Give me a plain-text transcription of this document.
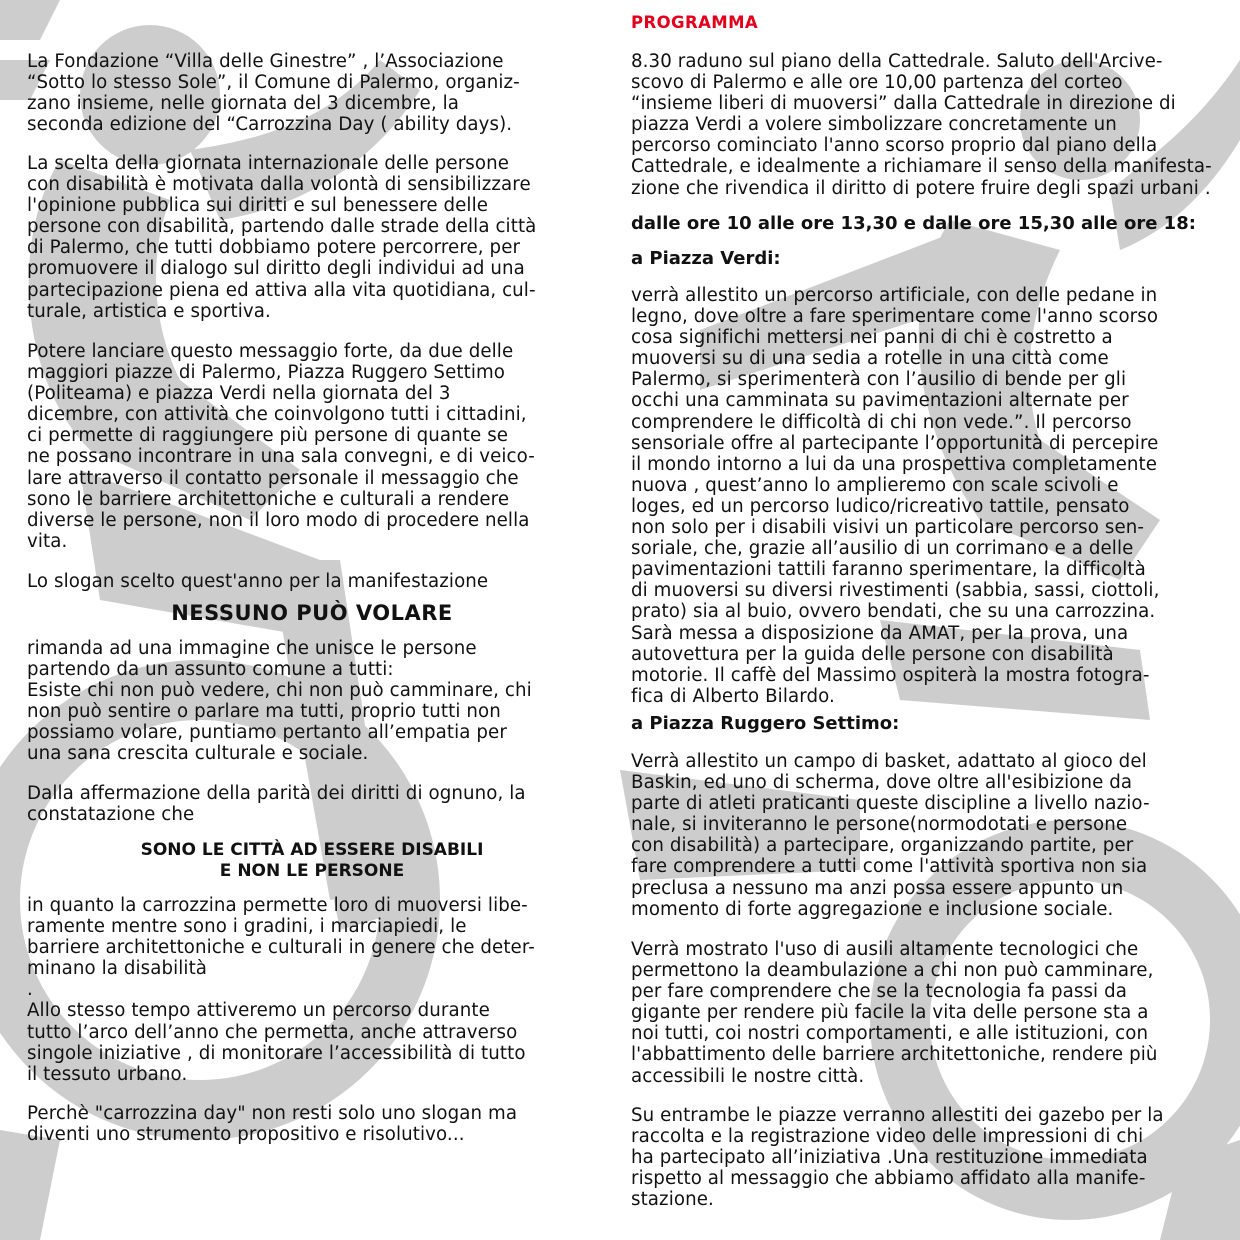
La Fondazione “Villa delle Ginestre” , l’Associazione
“Sotto lo stesso Sole”, il Comune di Palermo, organiz-
zano insieme, nelle giornata del 3 dicembre, la
seconda edizione del “Carrozzina Day ( ability days).
La scelta della giornata internazionale delle persone
con disabilità è motivata dalla volontà di sensibilizzare
l'opinione pubblica sui diritti e sul benessere delle
persone con disabilità, partendo dalle strade della città
di Palermo, che tutti dobbiamo potere percorrere, per
promuovere il dialogo sul diritto degli individui ad una
partecipazione piena ed attiva alla vita quotidiana, cul-
turale, artistica e sportiva.
Potere lanciare questo messaggio forte, da due delle
maggiori piazze di Palermo, Piazza Ruggero Settimo
(Politeama) e piazza Verdi nella giornata del 3
dicembre, con attività che coinvolgono tutti i cittadini,
ci permette di raggiungere più persone di quante se
ne possano incontrare in una sala convegni, e di veico-
lare attraverso il contatto personale il messaggio che
sono le barriere architettoniche e culturali a rendere
diverse le persone, non il loro modo di procedere nella
vita.
Lo slogan scelto quest'anno per la manifestazione
NESSUNO PUÒ VOLARE
rimanda ad una immagine che unisce le persone
partendo da un assunto comune a tutti:
Esiste chi non può vedere, chi non può camminare, chi
non può sentire o parlare ma tutti, proprio tutti non
possiamo volare, puntiamo pertanto all’empatia per
una sana crescita culturale e sociale.
Dalla affermazione della parità dei diritti di ognuno, la
constatazione che
SONO LE CITTÀ AD ESSERE DISABILI
E NON LE PERSONE
in quanto la carrozzina permette loro di muoversi libe-
ramente mentre sono i gradini, i marciapiedi, le
barriere architettoniche e culturali in genere che deter-
minano la disabilità
.
Allo stesso tempo attiveremo un percorso durante
tutto l’arco dell’anno che permetta, anche attraverso
singole iniziative , di monitorare l’accessibilità di tutto
il tessuto urbano.
Perchè "carrozzina day" non resti solo uno slogan ma
diventi uno strumento propositivo e risolutivo...
PROGRAMMA
8.30 raduno sul piano della Cattedrale. Saluto dell'Arcive-
scovo di Palermo e alle ore 10,00 partenza del corteo
“insieme liberi di muoversi” dalla Cattedrale in direzione di
piazza Verdi a volere simbolizzare concretamente un
percorso cominciato l'anno scorso proprio dal piano della
Cattedrale, e idealmente a richiamare il senso della manifesta-
zione che rivendica il diritto di potere fruire degli spazi urbani .
dalle ore 10 alle ore 13,30 e dalle ore 15,30 alle ore 18:
a Piazza Verdi:
verrà allestito un percorso artificiale, con delle pedane in
legno, dove oltre a fare sperimentare come l'anno scorso
cosa significhi mettersi nei panni di chi è costretto a
muoversi su di una sedia a rotelle in una città come
Palermo, si sperimenterà con l’ausilio di bende per gli
occhi una camminata su pavimentazioni alternate per
comprendere le difficoltà di chi non vede.”. Il percorso
sensoriale offre al partecipante l’opportunità di percepire
il mondo intorno a lui da una prospettiva completamente
nuova , quest’anno lo amplieremo con scale scivoli e
loges, ed un percorso ludico/ricreativo tattile, pensato
non solo per i disabili visivi un particolare percorso sen-
soriale, che, grazie all’ausilio di un corrimano e a delle
pavimentazioni tattili faranno sperimentare, la difficoltà
di muoversi su diversi rivestimenti (sabbia, sassi, ciottoli,
prato) sia al buio, ovvero bendati, che su una carrozzina.
Sarà messa a disposizione da AMAT, per la prova, una
autovettura per la guida delle persone con disabilità
motorie. Il caffè del Massimo ospiterà la mostra fotogra-
fica di Alberto Bilardo.
a Piazza Ruggero Settimo:
Verrà allestito un campo di basket, adattato al gioco del
Baskin, ed uno di scherma, dove oltre all'esibizione da
parte di atleti praticanti queste discipline a livello nazio-
nale, si inviteranno le persone(normodotati e persone
con disabilità) a partecipare, organizzando partite, per
fare comprendere a tutti come l'attività sportiva non sia
preclusa a nessuno ma anzi possa essere appunto un
momento di forte aggregazione e inclusione sociale.
Verrà mostrato l'uso di ausili altamente tecnologici che
permettono la deambulazione a chi non può camminare,
per fare comprendere che se la tecnologia fa passi da
gigante per rendere più facile la vita delle persone sta a
noi tutti, coi nostri comportamenti, e alle istituzioni, con
l'abbattimento delle barriere architettoniche, rendere più
accessibili le nostre città.
Su entrambe le piazze verranno allestiti dei gazebo per la
raccolta e la registrazione video delle impressioni di chi
ha partecipato all’iniziativa .Una restituzione immediata
rispetto al messaggio che abbiamo affidato alla manife-
stazione.
